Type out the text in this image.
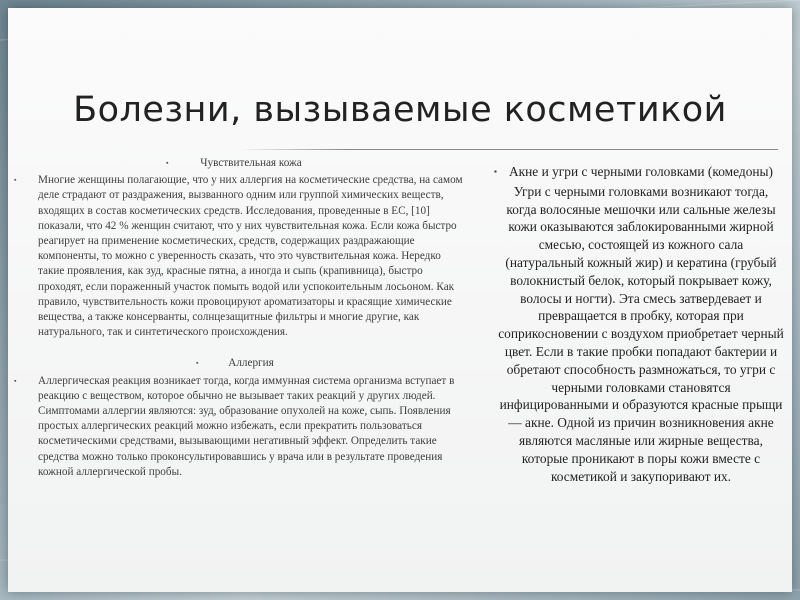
Болезни, вызываемые косметикой

▪	Чувствительная кожа

▪ Многие женщины полагающие, что у них аллергия на косметические средства, на самом деле страдают от раздражения, вызванного одним или группой химических веществ, входящих в состав косметических средств. Исследования, проведенные в ЕС, [10] показали, что 42 % женщин считают, что у них чувствительная кожа. Если кожа быстро реагирует на применение косметических, средств, содержащих раздражающие компоненты, то можно с уверенность сказать, что это чувствительная кожа. Нередко такие проявления, как зуд, красные пятна, а иногда и сыпь (крапивница), быстро проходят, если пораженный участок помыть водой или успокоительным лосьоном. Как правило, чувствительность кожи провоцируют ароматизаторы и красящие химические вещества, а также консерванты, солнцезащитные фильтры и многие другие, как натурального, так и синтетического происхождения.

▪	Аллергия

▪ Аллергическая реакция возникает тогда, когда иммунная система организма вступает в реакцию с веществом, которое обычно не вызывает таких реакций у других людей. Симптомами аллергии являются: зуд, образование опухолей на коже, сыпь. Появления простых аллергических реакций можно избежать, если прекратить пользоваться косметическими средствами, вызывающими негативный эффект. Определить такие средства можно только проконсультировавшись у врача или в результате проведения кожной аллергической пробы.

▪ Акне и угри с черными головками (комедоны)

Угри с черными головками возникают тогда, когда волосяные мешочки или сальные железы кожи оказываются заблокированными жирной смесью, состоящей из кожного сала (натуральный кожный жир) и кератина (грубый волокнистый белок, который покрывает кожу, волосы и ногти). Эта смесь затвердевает и превращается в пробку, которая при соприкосновении с воздухом приобретает черный цвет. Если в такие пробки попадают бактерии и обретают способность размножаться, то угри с черными головками становятся инфицированными и образуются красные прыщи — акне. Одной из причин возникновения акне являются масляные или жирные вещества, которые проникают в поры кожи вместе с косметикой и закупоривают их.
